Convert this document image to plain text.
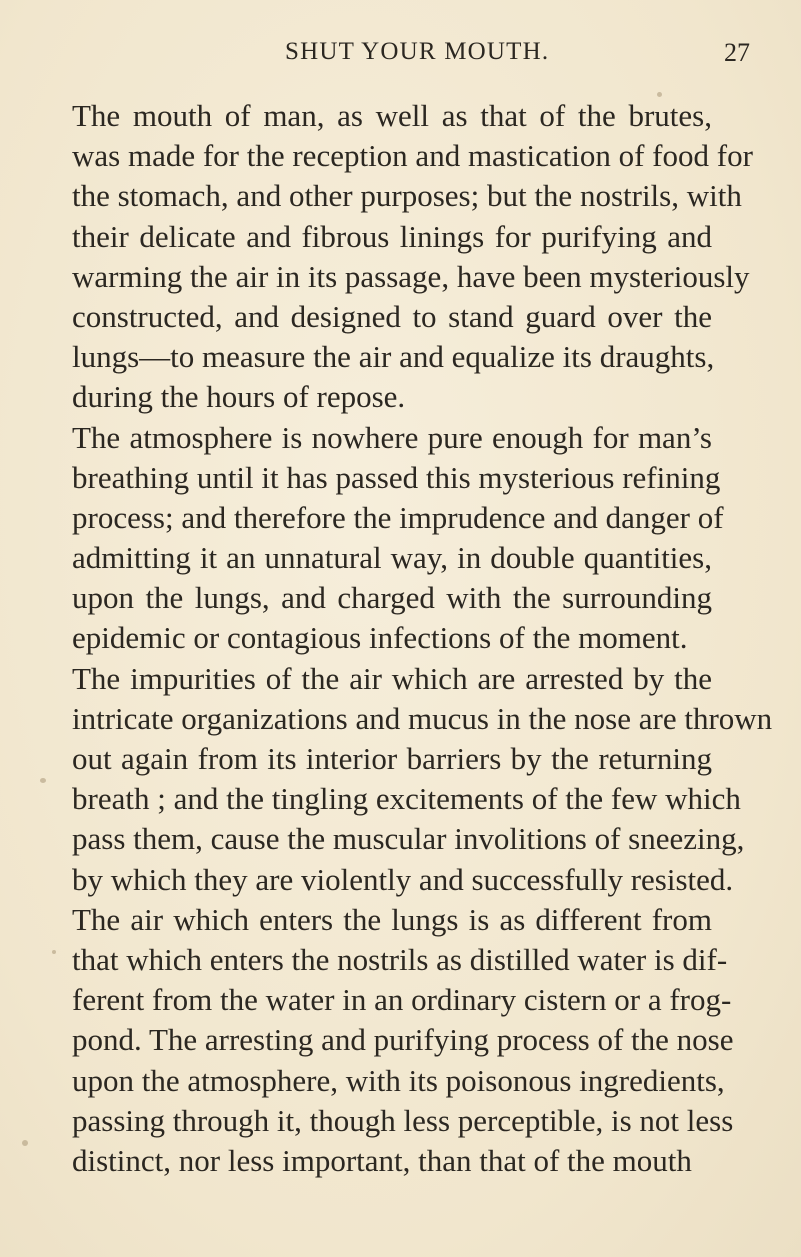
SHUT YOUR MOUTH.	27
The mouth of man, as well as that of the brutes,
was made for the reception and mastication of food for
the stomach, and other purposes; but the nostrils, with
their delicate and fibrous linings for purifying and
warming the air in its passage, have been mysteriously
constructed, and designed to stand guard over the
lungs—to measure the air and equalize its draughts,
during the hours of repose.
The atmosphere is nowhere pure enough for man’s
breathing until it has passed this mysterious refining
process; and therefore the imprudence and danger of
admitting it an unnatural way, in double quantities,
upon the lungs, and charged with the surrounding
epidemic or contagious infections of the moment.
The impurities of the air which are arrested by the
intricate organizations and mucus in the nose are thrown
out again from its interior barriers by the returning
breath ; and the tingling excitements of the few which
pass them, cause the muscular involitions of sneezing,
by which they are violently and successfully resisted.
The air which enters the lungs is as different from
that which enters the nostrils as distilled water is dif-
ferent from the water in an ordinary cistern or a frog-
pond. The arresting and purifying process of the nose
upon the atmosphere, with its poisonous ingredients,
passing through it, though less perceptible, is not less
distinct, nor less important, than that of the mouth
